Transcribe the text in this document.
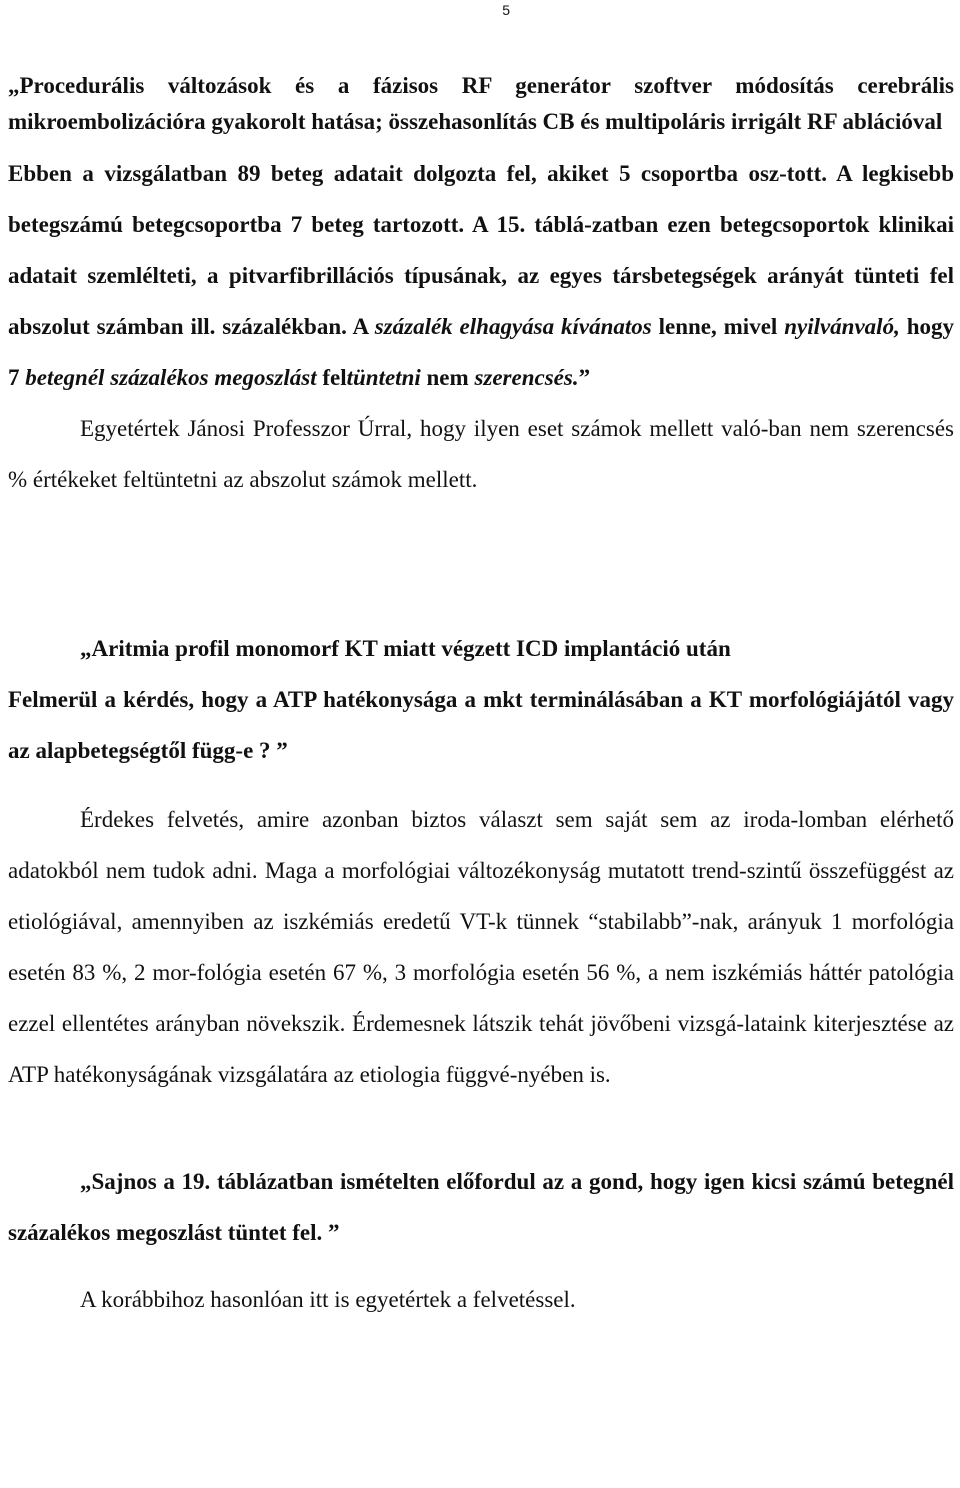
5

„Procedurális változások és a fázisos RF generátor szoftver módosítás cerebrális mikroembolizációra gyakorolt hatása; összehasonlítás CB és multipoláris irrigált RF ablációval

Ebben a vizsgálatban 89 beteg adatait dolgozta fel, akiket 5 csoportba osz-tott. A legkisebb betegszámú betegcsoportba 7 beteg tartozott. A 15. táblá-zatban ezen betegcsoportok klinikai adatait szemlélteti, a pitvarfibrillációs típusának, az egyes társbetegségek arányát tünteti fel abszolut számban ill. százalékban. A százalék elhagyása kívánatos lenne, mivel nyilvánvaló, hogy 7 betegnél százalékos megoszlást feltüntetni nem szerencsés.”

Egyetértek Jánosi Professzor Úrral, hogy ilyen eset számok mellett való-ban nem szerencsés % értékeket feltüntetni az abszolut számok mellett.

„Aritmia profil monomorf KT miatt végzett ICD implantáció után

Felmerül a kérdés, hogy a ATP hatékonysága a mkt terminálásában a KT morfológiájától vagy az alapbetegségtől függ-e ? ”

Érdekes felvetés, amire azonban biztos választ sem saját sem az iroda-lomban elérhető adatokból nem tudok adni. Maga a morfológiai változékonyság mutatott trend-szintű összefüggést az etiológiával, amennyiben az iszkémiás eredetű VT-k tünnek “stabilabb”-nak, arányuk 1 morfológia esetén 83 %, 2 mor-fológia esetén 67 %, 3 morfológia esetén 56 %, a nem iszkémiás háttér patológia ezzel ellentétes arányban növekszik. Érdemesnek látszik tehát jövőbeni vizsgá-lataink kiterjesztése az ATP hatékonyságának vizsgálatára az etiologia függvé-nyében is.

„Sajnos a 19. táblázatban ismételten előfordul az a gond, hogy igen kicsi számú betegnél százalékos megoszlást tüntet fel. ”

A korábbihoz hasonlóan itt is egyetértek a felvetéssel.
